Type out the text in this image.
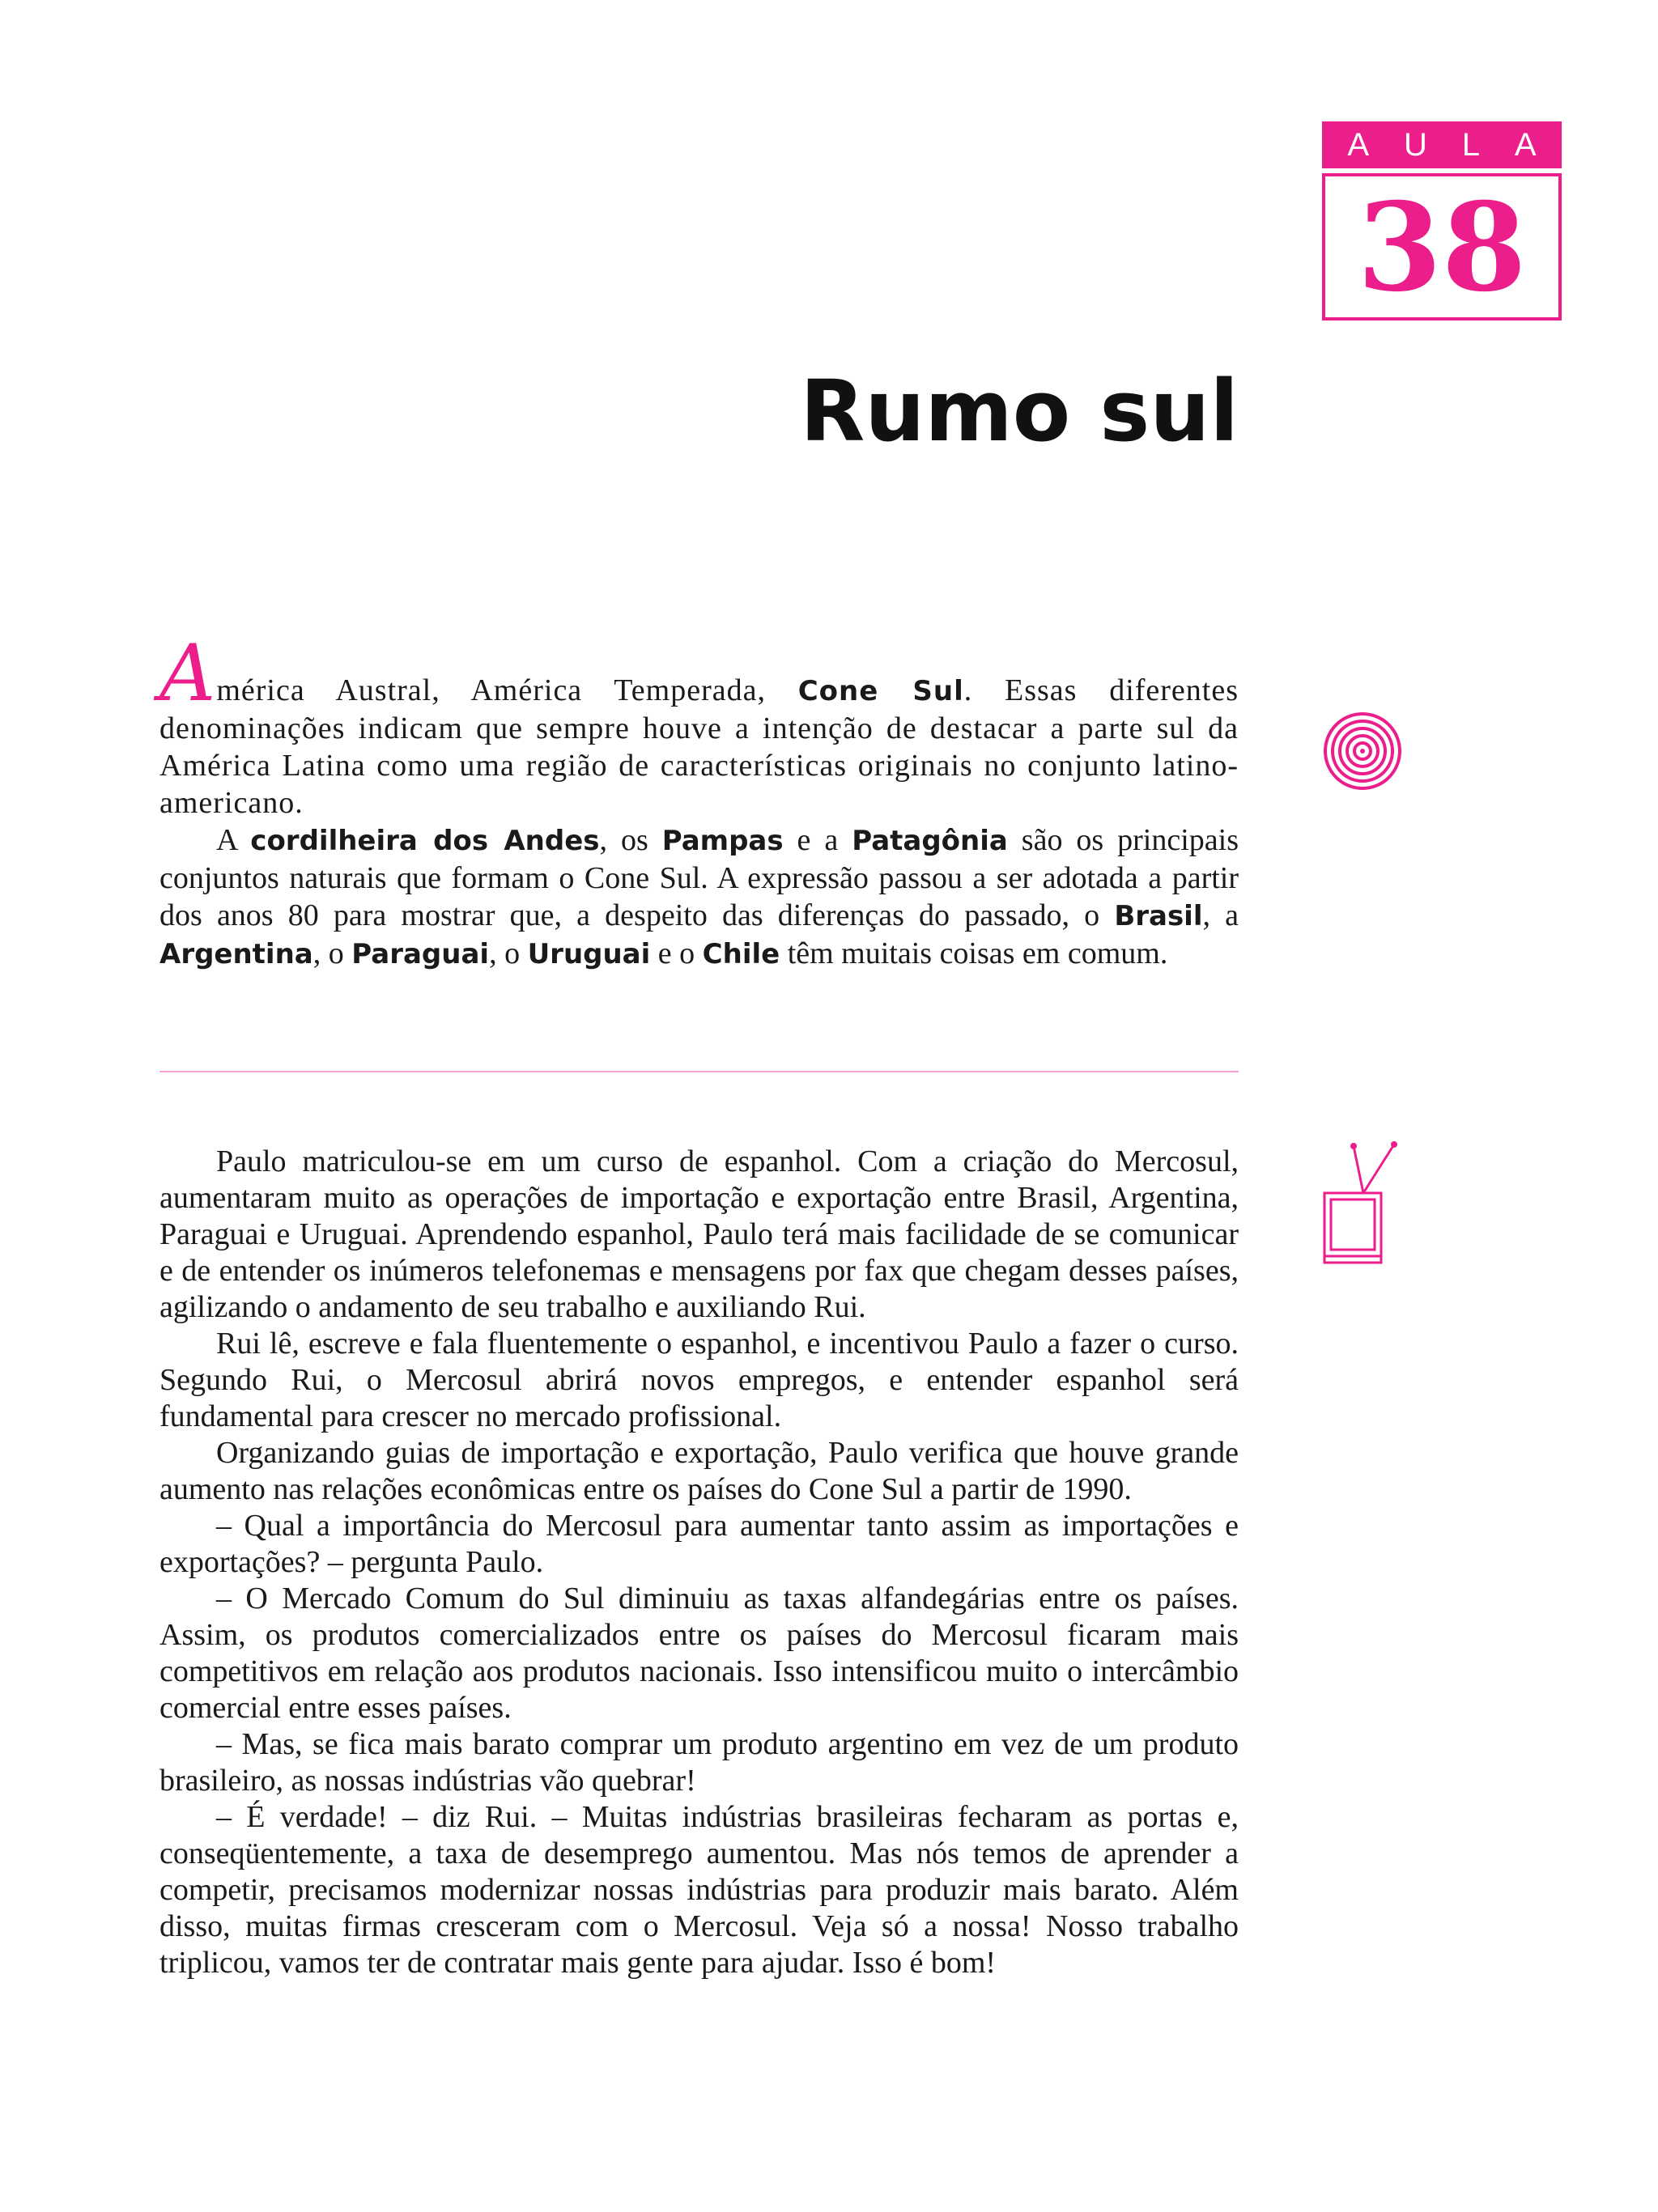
A U L A
38
Rumo sul

América Austral, América Temperada, Cone Sul. Essas diferentes denominações indicam que sempre houve a intenção de destacar a parte sul da América Latina como uma região de características originais no conjunto latino-americano.

A cordilheira dos Andes, os Pampas e a Patagônia são os principais conjuntos naturais que formam o Cone Sul. A expressão passou a ser adotada a partir dos anos 80 para mostrar que, a despeito das diferenças do passado, o Brasil, a Argentina, o Paraguai, o Uruguai e o Chile têm muitais coisas em comum.

Paulo matriculou-se em um curso de espanhol. Com a criação do Mercosul, aumentaram muito as operações de importação e exportação entre Brasil, Argentina, Paraguai e Uruguai. Aprendendo espanhol, Paulo terá mais facilidade de se comunicar e de entender os inúmeros telefonemas e mensagens por fax que chegam desses países, agilizando o andamento de seu trabalho e auxiliando Rui.

Rui lê, escreve e fala fluentemente o espanhol, e incentivou Paulo a fazer o curso. Segundo Rui, o Mercosul abrirá novos empregos, e entender espanhol será fundamental para crescer no mercado profissional.

Organizando guias de importação e exportação, Paulo verifica que houve grande aumento nas relações econômicas entre os países do Cone Sul a partir de 1990.

– Qual a importância do Mercosul para aumentar tanto assim as importações e exportações? – pergunta Paulo.

– O Mercado Comum do Sul diminuiu as taxas alfandegárias entre os países. Assim, os produtos comercializados entre os países do Mercosul ficaram mais competitivos em relação aos produtos nacionais. Isso intensificou muito o intercâmbio comercial entre esses países.

– Mas, se fica mais barato comprar um produto argentino em vez de um produto brasileiro, as nossas indústrias vão quebrar!

– É verdade! – diz Rui. – Muitas indústrias brasileiras fecharam as portas e, conseqüentemente, a taxa de desemprego aumentou. Mas nós temos de aprender a competir, precisamos modernizar nossas indústrias para produzir mais barato. Além disso, muitas firmas cresceram com o Mercosul. Veja só a nossa! Nosso trabalho triplicou, vamos ter de contratar mais gente para ajudar. Isso é bom!
